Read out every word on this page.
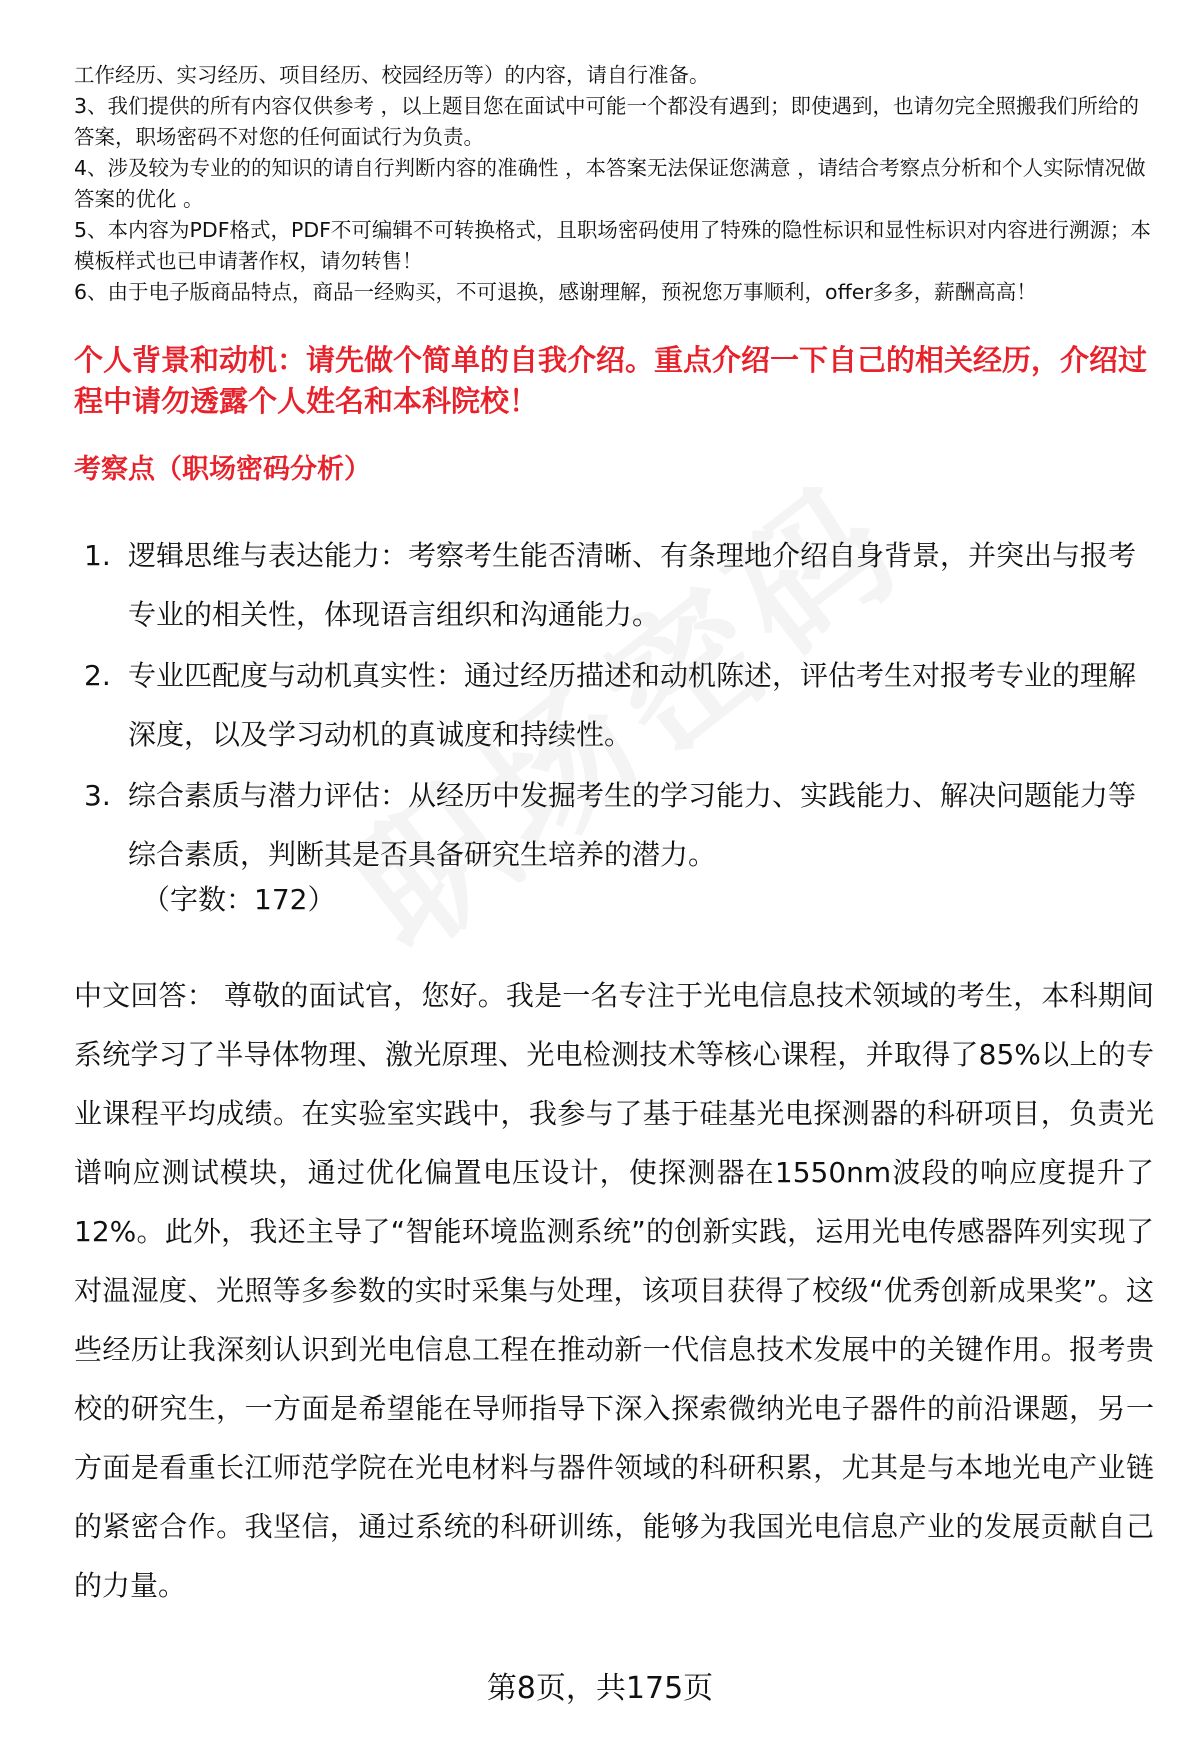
工作经历、实习经历、项目经历、校园经历等）的内容，请自行准备。

3、我们提供的所有内容仅供参考 ，以上题目您在面试中可能一个都没有遇到；即使遇到，也请勿完全照搬我们所给的答案，职场密码不对您的任何面试行为负责。

4、涉及较为专业的的知识的请自行判断内容的准确性 ，本答案无法保证您满意 ，请结合考察点分析和个人实际情况做答案的优化 。

5、本内容为PDF格式，PDF不可编辑不可转换格式，且职场密码使用了特殊的隐性标识和显性标识对内容进行溯源；本模板样式也已申请著作权，请勿转售！

6、由于电子版商品特点，商品一经购买，不可退换，感谢理解，预祝您万事顺利，offer多多，薪酬高高！

个人背景和动机：请先做个简单的自我介绍。重点介绍一下自己的相关经历，介绍过程中请勿透露个人姓名和本科院校！

考察点（职场密码分析）

1. 逻辑思维与表达能力：考察考生能否清晰、有条理地介绍自身背景，并突出与报考专业的相关性，体现语言组织和沟通能力。
2. 专业匹配度与动机真实性：通过经历描述和动机陈述，评估考生对报考专业的理解深度，以及学习动机的真诚度和持续性。
3. 综合素质与潜力评估：从经历中发掘考生的学习能力、实践能力、解决问题能力等综合素质，判断其是否具备研究生培养的潜力。

（字数：172）

中文回答： 尊敬的面试官，您好。我是一名专注于光电信息技术领域的考生，本科期间系统学习了半导体物理、激光原理、光电检测技术等核心课程，并取得了85%以上的专业课程平均成绩。在实验室实践中，我参与了基于硅基光电探测器的科研项目，负责光谱响应测试模块，通过优化偏置电压设计，使探测器在1550nm波段的响应度提升了12%。此外，我还主导了“智能环境监测系统”的创新实践，运用光电传感器阵列实现了对温湿度、光照等多参数的实时采集与处理，该项目获得了校级“优秀创新成果奖”。这些经历让我深刻认识到光电信息工程在推动新一代信息技术发展中的关键作用。报考贵校的研究生，一方面是希望能在导师指导下深入探索微纳光电子器件的前沿课题，另一方面是看重长江师范学院在光电材料与器件领域的科研积累，尤其是与本地光电产业链的紧密合作。我坚信，通过系统的科研训练，能够为我国光电信息产业的发展贡献自己的力量。

第8页，共175页
